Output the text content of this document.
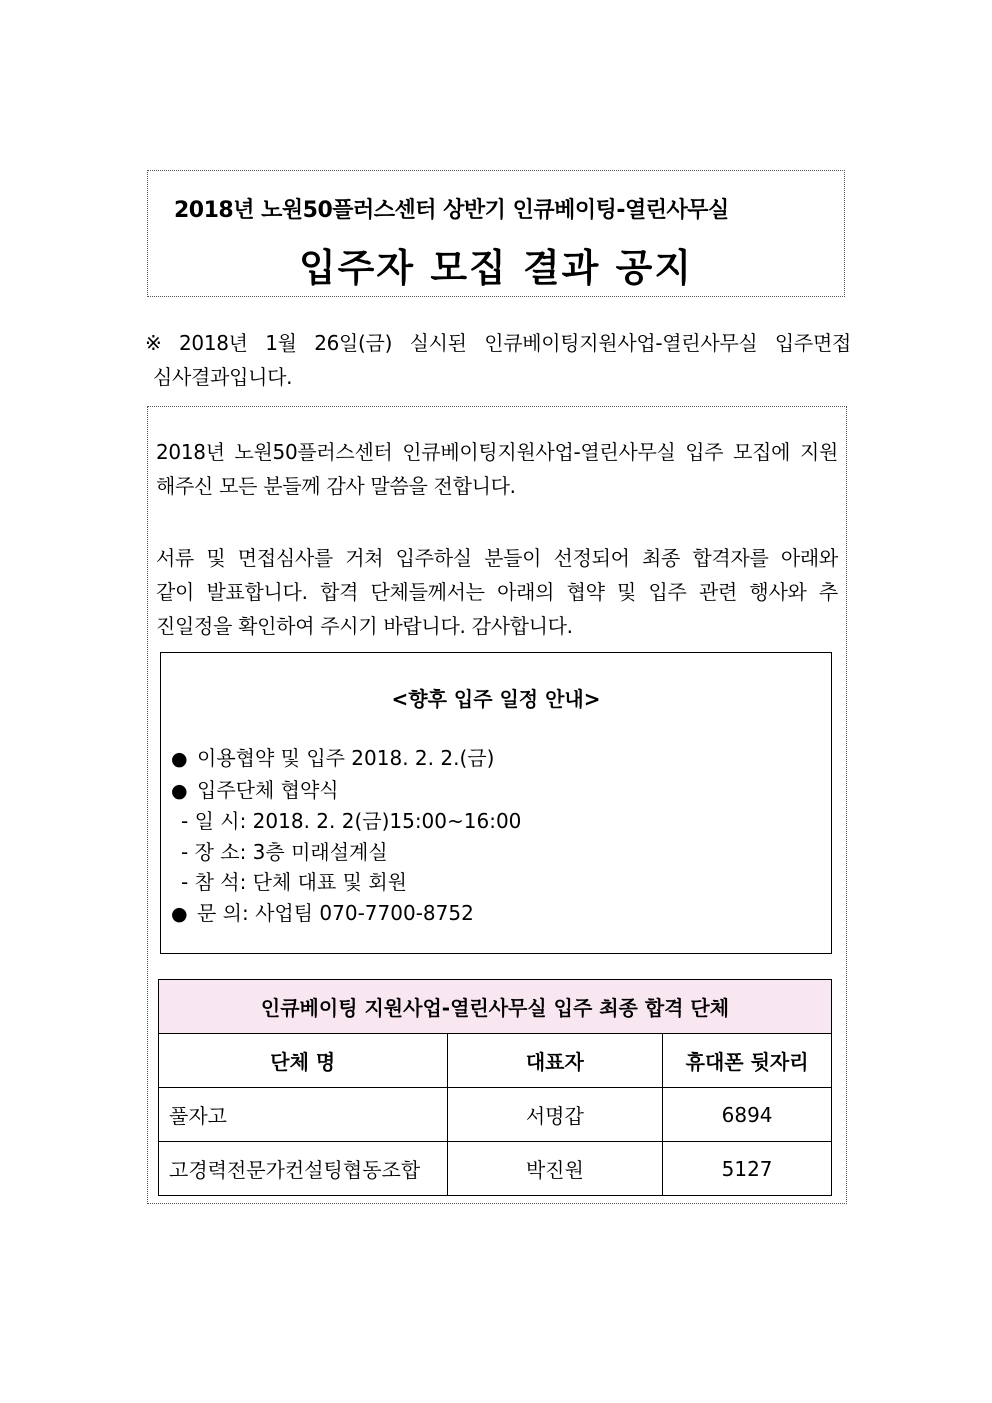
2018년 노원50플러스센터 상반기 인큐베이팅-열린사무실
입주자 모집 결과 공지
※ 2018년 1월 26일(금) 실시된 인큐베이팅지원사업-열린사무실 입주면접
심사결과입니다.
2018년 노원50플러스센터 인큐베이팅지원사업-열린사무실 입주 모집에 지원
해주신 모든 분들께 감사 말씀을 전합니다.
서류 및 면접심사를 거쳐 입주하실 분들이 선정되어 최종 합격자를 아래와
같이 발표합니다. 합격 단체들께서는 아래의 협약 및 입주 관련 행사와 추
진일정을 확인하여 주시기 바랍니다. 감사합니다.
<향후 입주 일정 안내>
● 이용협약 및 입주 2018. 2. 2.(금)
● 입주단체 협약식
- 일 시: 2018. 2. 2(금)15:00~16:00
- 장 소: 3층 미래설계실
- 참 석: 단체 대표 및 회원
● 문 의: 사업팀 070-7700-8752
인큐베이팅 지원사업-열린사무실 입주 최종 합격 단체		
단체 명	대표자	휴대폰 뒷자리
풀자고	서명갑	6894
고경력전문가컨설팅협동조합	박진원	5127
